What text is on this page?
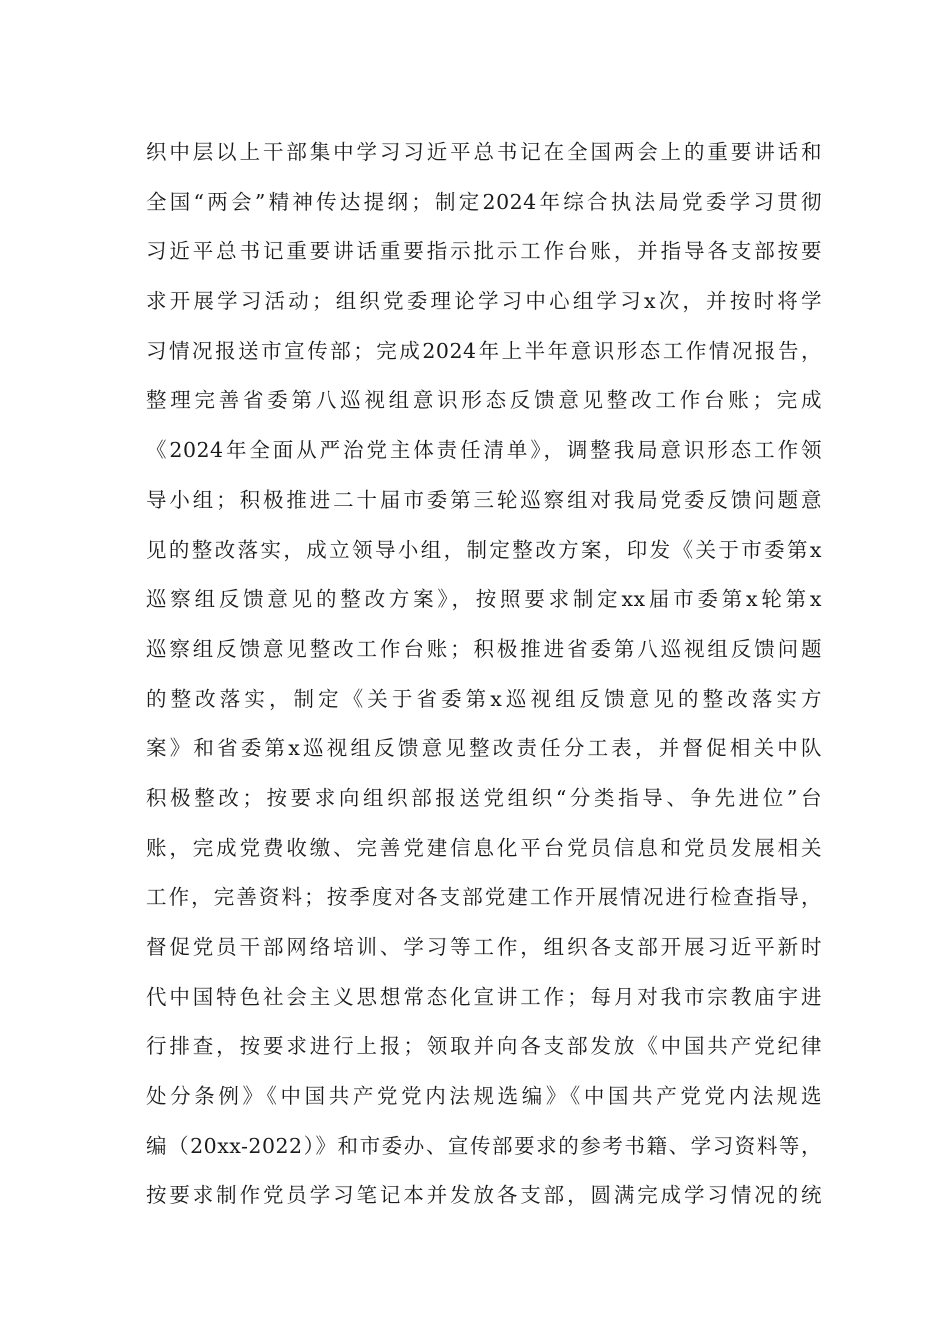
织中层以上干部集中学习习近平总书记在全国两会上的重要讲话和
全国“两会”精神传达提纲；制定2024年综合执法局党委学习贯彻
习近平总书记重要讲话重要指示批示工作台账，并指导各支部按要
求开展学习活动；组织党委理论学习中心组学习x次，并按时将学
习情况报送市宣传部；完成2024年上半年意识形态工作情况报告，
整理完善省委第八巡视组意识形态反馈意见整改工作台账；完成
《2024年全面从严治党主体责任清单》，调整我局意识形态工作领
导小组；积极推进二十届市委第三轮巡察组对我局党委反馈问题意
见的整改落实，成立领导小组，制定整改方案，印发《关于市委第x
巡察组反馈意见的整改方案》，按照要求制定xx届市委第x轮第x
巡察组反馈意见整改工作台账；积极推进省委第八巡视组反馈问题
的整改落实，制定《关于省委第x巡视组反馈意见的整改落实方
案》和省委第x巡视组反馈意见整改责任分工表，并督促相关中队
积极整改；按要求向组织部报送党组织“分类指导、争先进位”台
账，完成党费收缴、完善党建信息化平台党员信息和党员发展相关
工作，完善资料；按季度对各支部党建工作开展情况进行检查指导，
督促党员干部网络培训、学习等工作，组织各支部开展习近平新时
代中国特色社会主义思想常态化宣讲工作；每月对我市宗教庙宇进
行排查，按要求进行上报；领取并向各支部发放《中国共产党纪律
处分条例》《中国共产党党内法规选编》《中国共产党党内法规选
编（20xx-2022）》和市委办、宣传部要求的参考书籍、学习资料等，
按要求制作党员学习笔记本并发放各支部，圆满完成学习情况的统
